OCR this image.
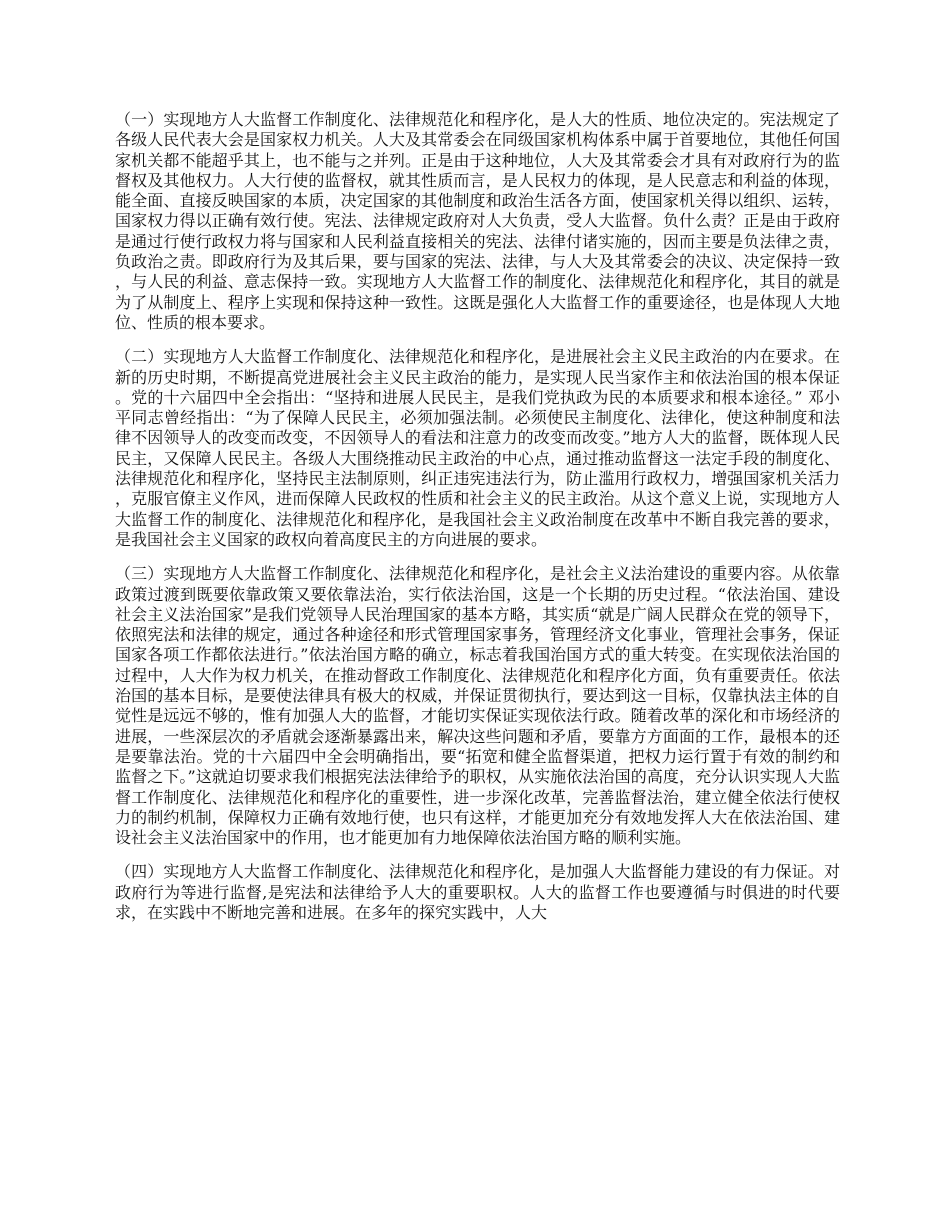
（一）实现地方人大监督工作制度化、法律规范化和程序化，是人大的性质、地位决定的。宪法规定了各级人民代表大会是国家权力机关。人大及其常委会在同级国家机构体系中属于首要地位，其他任何国家机关都不能超乎其上，也不能与之并列。正是由于这种地位，人大及其常委会才具有对政府行为的监督权及其他权力。人大行使的监督权，就其性质而言，是人民权力的体现，是人民意志和利益的体现，能全面、直接反映国家的本质，决定国家的其他制度和政治生活各方面，使国家机关得以组织、运转，国家权力得以正确有效行使。宪法、法律规定政府对人大负责，受人大监督。负什么责？正是由于政府是通过行使行政权力将与国家和人民利益直接相关的宪法、法律付诸实施的，因而主要是负法律之责，负政治之责。即政府行为及其后果，要与国家的宪法、法律，与人大及其常委会的决议、决定保持一致，与人民的利益、意志保持一致。实现地方人大监督工作的制度化、法律规范化和程序化，其目的就是为了从制度上、程序上实现和保持这种一致性。这既是强化人大监督工作的重要途径，也是体现人大地位、性质的根本要求。

（二）实现地方人大监督工作制度化、法律规范化和程序化，是进展社会主义民主政治的内在要求。在新的历史时期，不断提高党进展社会主义民主政治的能力，是实现人民当家作主和依法治国的根本保证。党的十六届四中全会指出：“坚持和进展人民民主，是我们党执政为民的本质要求和根本途径。” 邓小平同志曾经指出：“为了保障人民民主，必须加强法制。必须使民主制度化、法律化，使这种制度和法律不因领导人的改变而改变，不因领导人的看法和注意力的改变而改变。”地方人大的监督，既体现人民民主，又保障人民民主。各级人大围绕推动民主政治的中心点，通过推动监督这一法定手段的制度化、法律规范化和程序化，坚持民主法制原则，纠正违宪违法行为，防止滥用行政权力，增强国家机关活力，克服官僚主义作风，进而保障人民政权的性质和社会主义的民主政治。从这个意义上说，实现地方人大监督工作的制度化、法律规范化和程序化，是我国社会主义政治制度在改革中不断自我完善的要求，是我国社会主义国家的政权向着高度民主的方向进展的要求。

（三）实现地方人大监督工作制度化、法律规范化和程序化，是社会主义法治建设的重要内容。从依靠政策过渡到既要依靠政策又要依靠法治，实行依法治国，这是一个长期的历史过程。“依法治国、建设社会主义法治国家”是我们党领导人民治理国家的基本方略，其实质“就是广阔人民群众在党的领导下，依照宪法和法律的规定，通过各种途径和形式管理国家事务，管理经济文化事业，管理社会事务，保证国家各项工作都依法进行。”依法治国方略的确立，标志着我国治国方式的重大转变。在实现依法治国的过程中，人大作为权力机关，在推动督政工作制度化、法律规范化和程序化方面，负有重要责任。依法治国的基本目标，是要使法律具有极大的权威，并保证贯彻执行，要达到这一目标，仅靠执法主体的自觉性是远远不够的，惟有加强人大的监督，才能切实保证实现依法行政。随着改革的深化和市场经济的进展，一些深层次的矛盾就会逐渐暴露出来，解决这些问题和矛盾，要靠方方面面的工作，最根本的还是要靠法治。党的十六届四中全会明确指出，要“拓宽和健全监督渠道，把权力运行置于有效的制约和监督之下。”这就迫切要求我们根据宪法法律给予的职权，从实施依法治国的高度，充分认识实现人大监督工作制度化、法律规范化和程序化的重要性，进一步深化改革，完善监督法治，建立健全依法行使权力的制约机制，保障权力正确有效地行使，也只有这样，才能更加充分有效地发挥人大在依法治国、建设社会主义法治国家中的作用，也才能更加有力地保障依法治国方略的顺利实施。

（四）实现地方人大监督工作制度化、法律规范化和程序化，是加强人大监督能力建设的有力保证。对政府行为等进行监督,是宪法和法律给予人大的重要职权。人大的监督工作也要遵循与时俱进的时代要求，在实践中不断地完善和进展。在多年的探究实践中，人大
